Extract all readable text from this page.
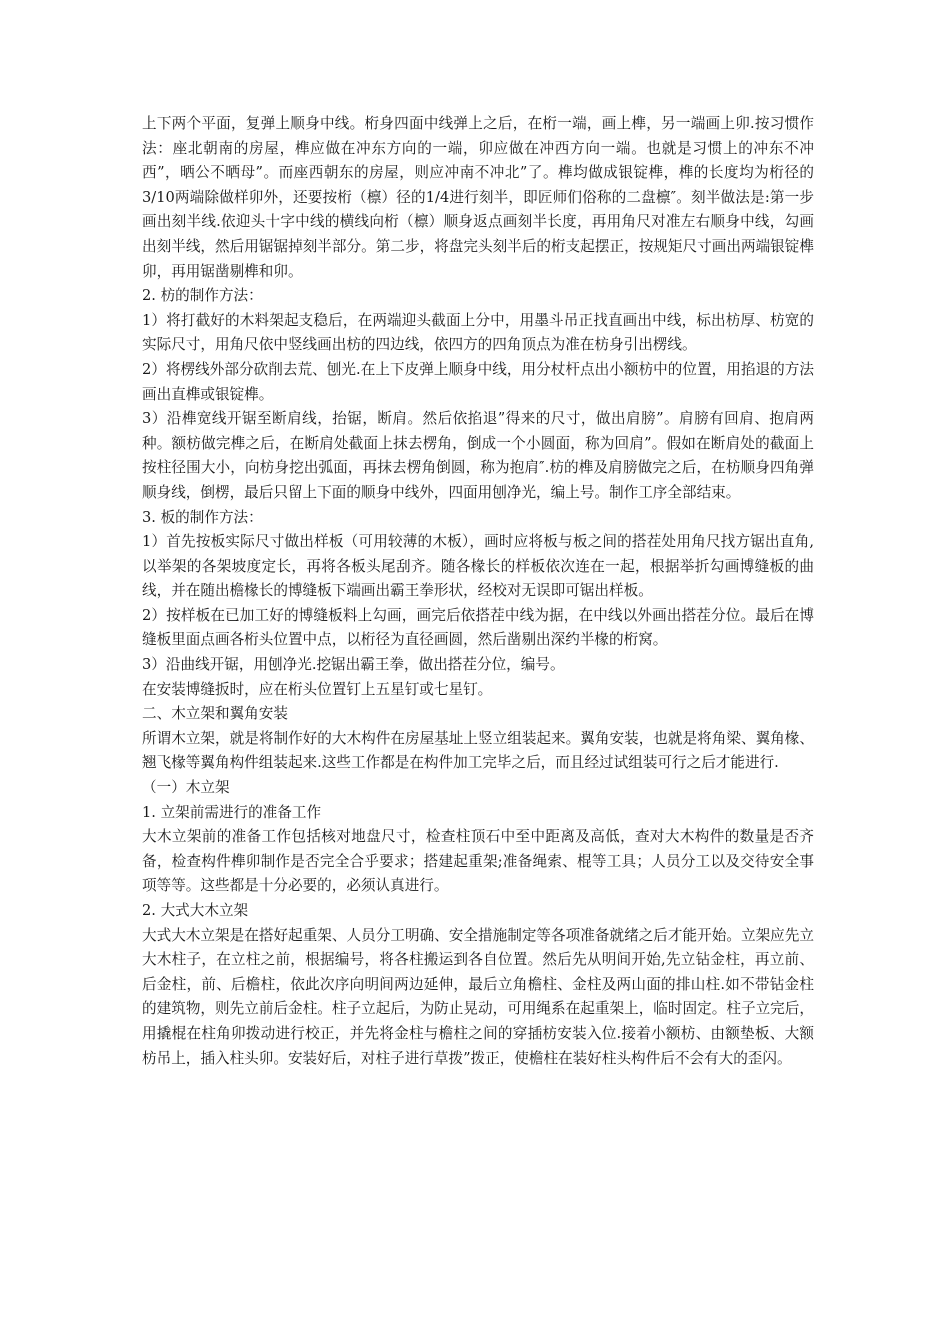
上下两个平面，复弹上顺身中线。桁身四面中线弹上之后，在桁一端，画上榫，另一端画上卯.按习惯作法：座北朝南的房屋，榫应做在冲东方向的一端，卯应做在冲西方向一端。也就是习惯上的冲东不冲西”，晒公不晒母”。而座西朝东的房屋，则应冲南不冲北”了。榫均做成银锭榫，榫的长度均为桁径的3/10两端除做样卯外，还要按桁（檩）径的1/4进行刻半，即匠师们俗称的二盘檩″。刻半做法是:第一步画出刻半线.依迎头十字中线的横线向桁（檩）顺身返点画刻半长度，再用角尺对准左右顺身中线，勾画出刻半线，然后用锯锯掉刻半部分。第二步，将盘完头刻半后的桁支起摆正，按规矩尺寸画出两端银锭榫卯，再用锯凿剔榫和卯。

2. 枋的制作方法：

1）将打截好的木料架起支稳后，在两端迎头截面上分中，用墨斗吊正找直画出中线，标出枋厚、枋宽的实际尺寸，用角尺依中竖线画出枋的四边线，依四方的四角顶点为准在枋身引出楞线。

2）将楞线外部分砍削去荒、刨光.在上下皮弹上顺身中线，用分杖杆点出小额枋中的位置，用掐退的方法画出直榫或银锭榫。

3）沿榫宽线开锯至断肩线，抬锯，断肩。然后依掐退”得来的尺寸，做出肩膀”。肩膀有回肩、抱肩两种。额枋做完榫之后，在断肩处截面上抹去楞角，倒成一个小圆面，称为回肩”。假如在断肩处的截面上按柱径围大小，向枋身挖出弧面，再抹去楞角倒圆，称为抱肩″.枋的榫及肩膀做完之后，在枋顺身四角弹顺身线，倒楞，最后只留上下面的顺身中线外，四面用刨净光，编上号。制作工序全部结束。

3. 板的制作方法：

1）首先按板实际尺寸做出样板（可用较薄的木板），画时应将板与板之间的搭茬处用角尺找方锯出直角,以举架的各架坡度定长，再将各板头尾刮齐。随各椽长的样板依次连在一起，根据举折勾画博缝板的曲线，并在随出檐椽长的博缝板下端画出霸王拳形状，经校对无误即可锯出样板。

2）按样板在已加工好的博缝板料上勾画，画完后依搭茬中线为据，在中线以外画出搭茬分位。最后在博缝板里面点画各桁头位置中点，以桁径为直径画圆，然后凿剔出深约半椽的桁窝。

3）沿曲线开锯，用刨净光.挖锯出霸王拳，做出搭茬分位，编号。

在安装博缝扳时，应在桁头位置钉上五星钉或七星钉。

二、木立架和翼角安装

所谓木立架，就是将制作好的大木构件在房屋基址上竖立组装起来。翼角安装，也就是将角梁、翼角椽、翘飞椽等翼角构件组装起来.这些工作都是在构件加工完毕之后，而且经过试组装可行之后才能进行.

（一）木立架

1. 立架前需进行的准备工作

大木立架前的准备工作包括核对地盘尺寸，检查柱顶石中至中距离及高低，查对大木构件的数量是否齐备，检查构件榫卯制作是否完全合乎要求；搭建起重架;准备绳索、棍等工具；人员分工以及交待安全事项等等。这些都是十分必要的，必须认真进行。

2. 大式大木立架

大式大木立架是在搭好起重架、人员分工明确、安全措施制定等各项准备就绪之后才能开始。立架应先立大木柱子，在立柱之前，根据编号，将各柱搬运到各自位置。然后先从明间开始,先立钻金柱，再立前、后金柱，前、后檐柱，依此次序向明间两边延伸，最后立角檐柱、金柱及两山面的排山柱.如不带钻金柱的建筑物，则先立前后金柱。柱子立起后，为防止晃动，可用绳系在起重架上，临时固定。柱子立完后，用撬棍在柱角卯拨动进行校正，并先将金柱与檐柱之间的穿插枋安装入位.接着小额枋、由额垫板、大额枋吊上，插入柱头卯。安装好后，对柱子进行草拨”拨正，使檐柱在装好柱头构件后不会有大的歪闪。
